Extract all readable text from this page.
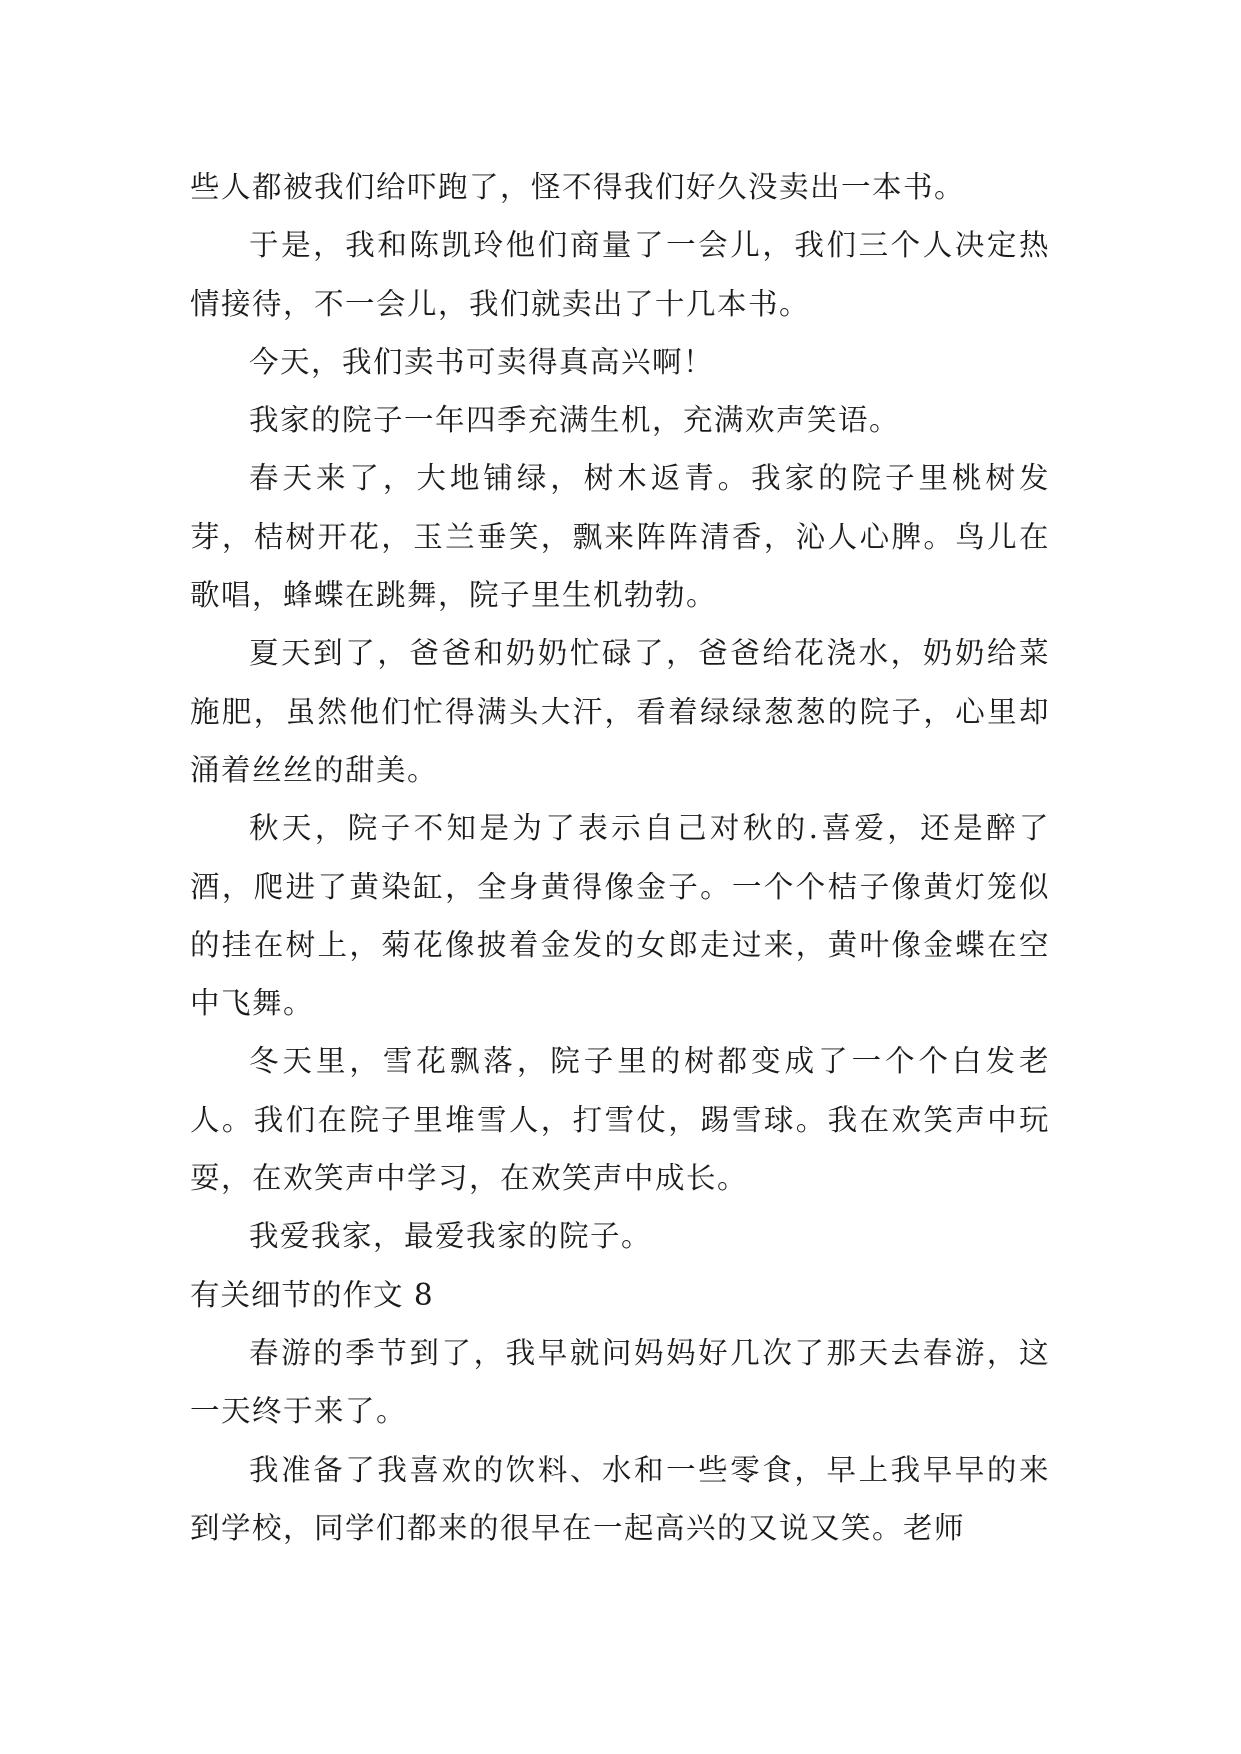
些人都被我们给吓跑了，怪不得我们好久没卖出一本书。

于是，我和陈凯玲他们商量了一会儿，我们三个人决定热情接待，不一会儿，我们就卖出了十几本书。

今天，我们卖书可卖得真高兴啊！

我家的院子一年四季充满生机，充满欢声笑语。

春天来了，大地铺绿，树木返青。我家的院子里桃树发芽，桔树开花，玉兰垂笑，飘来阵阵清香，沁人心脾。鸟儿在歌唱，蜂蝶在跳舞，院子里生机勃勃。

夏天到了，爸爸和奶奶忙碌了，爸爸给花浇水，奶奶给菜施肥，虽然他们忙得满头大汗，看着绿绿葱葱的院子，心里却涌着丝丝的甜美。

秋天，院子不知是为了表示自己对秋的.喜爱，还是醉了酒，爬进了黄染缸，全身黄得像金子。一个个桔子像黄灯笼似的挂在树上，菊花像披着金发的女郎走过来，黄叶像金蝶在空中飞舞。

冬天里，雪花飘落，院子里的树都变成了一个个白发老人。我们在院子里堆雪人，打雪仗，踢雪球。我在欢笑声中玩耍，在欢笑声中学习，在欢笑声中成长。

我爱我家，最爱我家的院子。

有关细节的作文 8

春游的季节到了，我早就问妈妈好几次了那天去春游，这一天终于来了。

我准备了我喜欢的饮料、水和一些零食，早上我早早的来到学校，同学们都来的很早在一起高兴的又说又笑。老师
